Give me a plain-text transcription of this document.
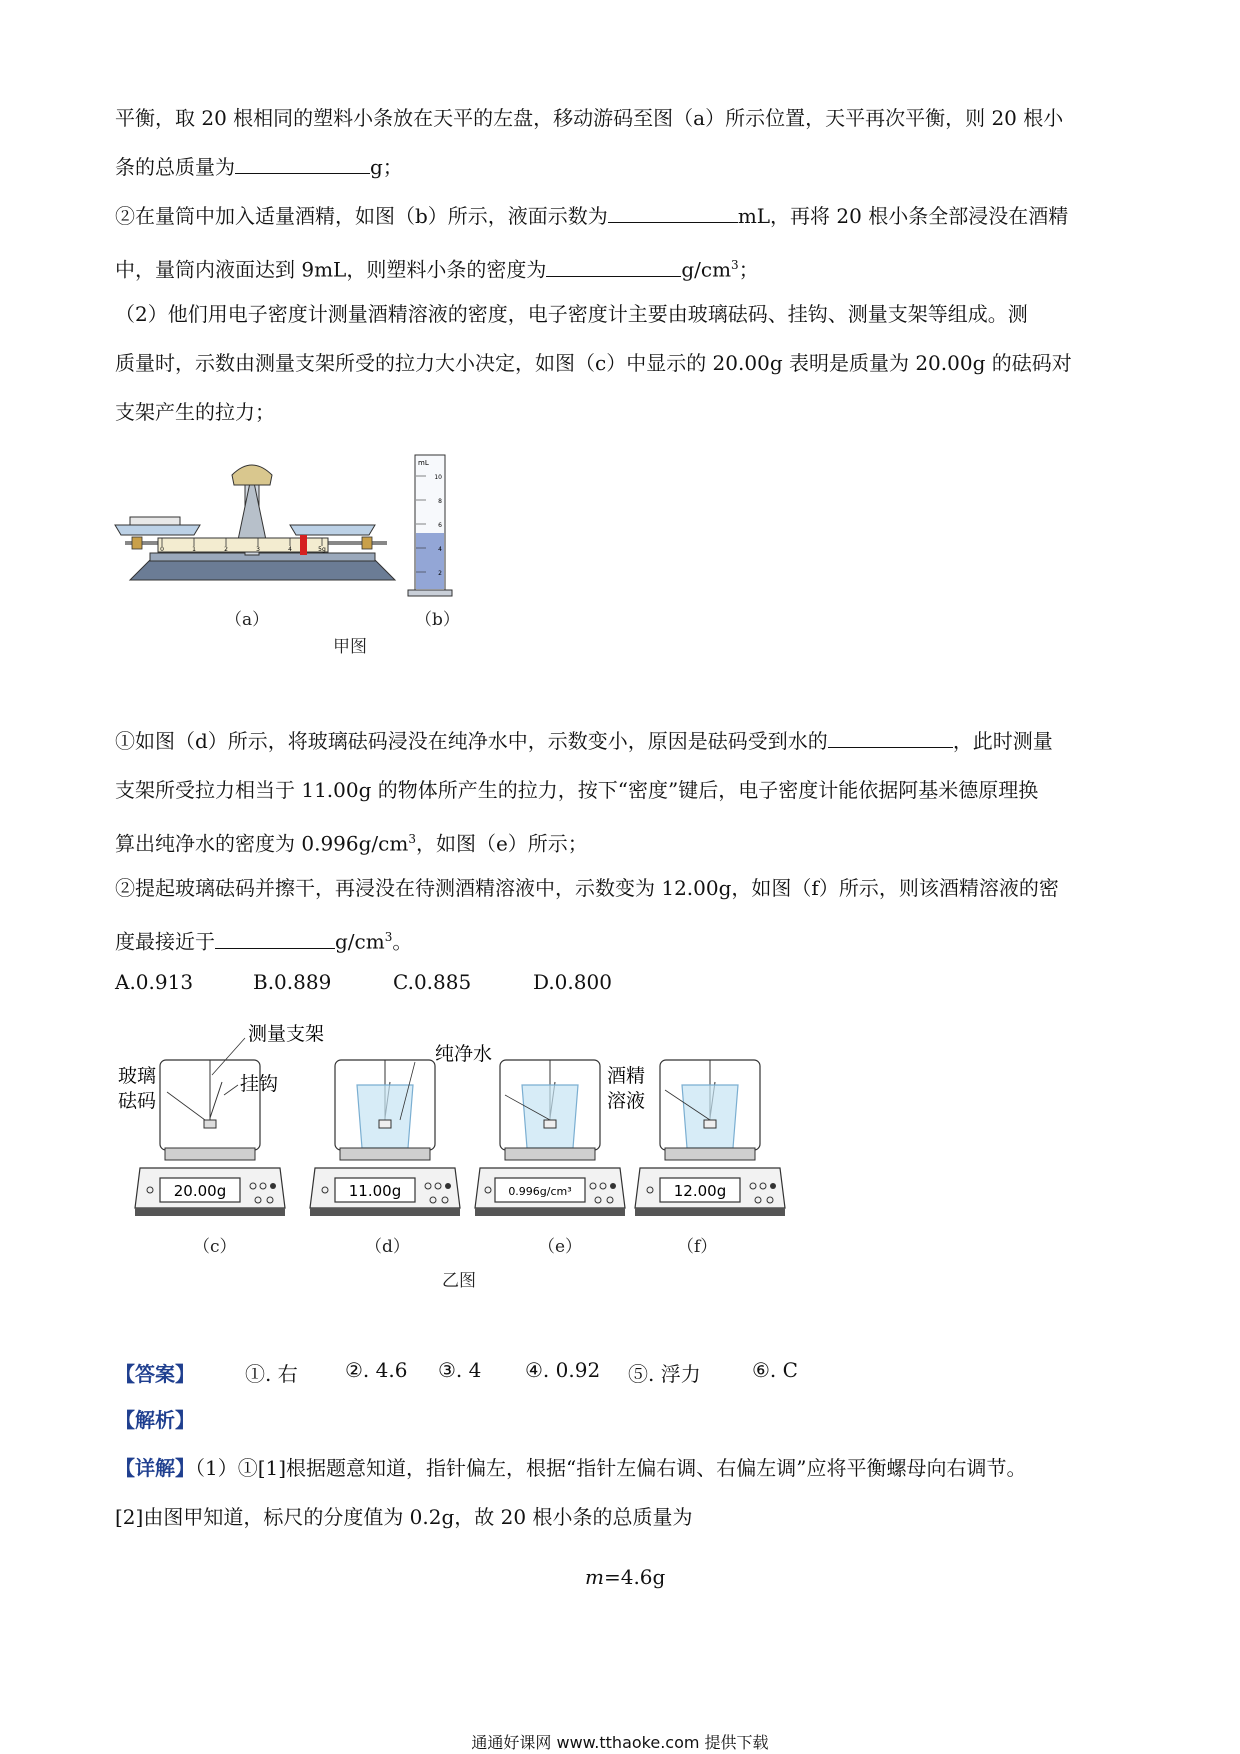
平衡，取 20 根相同的塑料小条放在天平的左盘，移动游码至图（a）所示位置，天平再次平衡，则 20 根小
条的总质量为	g；
②在量筒中加入适量酒精，如图（b）所示，液面示数为	mL，再将 20 根小条全部浸没在酒精
中，量筒内液面达到 9mL，则塑料小条的密度为	$g/cm^3$；
（2）他们用电子密度计测量酒精溶液的密度，电子密度计主要由玻璃砝码、挂钩、测量支架等组成。测
质量时，示数由测量支架所受的拉力大小决定，如图（c）中显示的 20.00g 表明是质量为 20.00g 的砝码对
支架产生的拉力；
0	1	2	3	4	5g
mL
10
8
6
4
2
（a）	（b）
甲图
①如图（d）所示，将玻璃砝码浸没在纯净水中，示数变小，原因是砝码受到水的	，此时测量
支架所受拉力相当于 11.00g 的物体所产生的拉力，按下“密度”键后，电子密度计能依据阿基米德原理换
算出纯净水的密度为 $0.996g/cm^3$，如图（e）所示；
②提起玻璃砝码并擦干，再浸没在待测酒精溶液中，示数变为 12.00g，如图（f）所示，则该酒精溶液的密
度最接近于	$g/cm^3$。
A.0.913	B.0.889	C.0.885	D.0.800
20.00g	11.00g	0.996g/cm³	12.00g
测量支架
挂钩
玻璃
砝码
纯净水
酒精
溶液
（c）	（d）	（e）	（f）
乙图
【答案】	①. 右 ②. 4.6 ③. 4 ④. 0.92 ⑤. 浮力	⑥. C
【解析】
【详解】（1）①[1]根据题意知道，指针偏左，根据“指针左偏右调、右偏左调”应将平衡螺母向右调节。
[2]由图甲知道，标尺的分度值为 0.2g，故 20 根小条的总质量为
m=4.6g
通通好课网 www.tthaoke.com 提供下载
